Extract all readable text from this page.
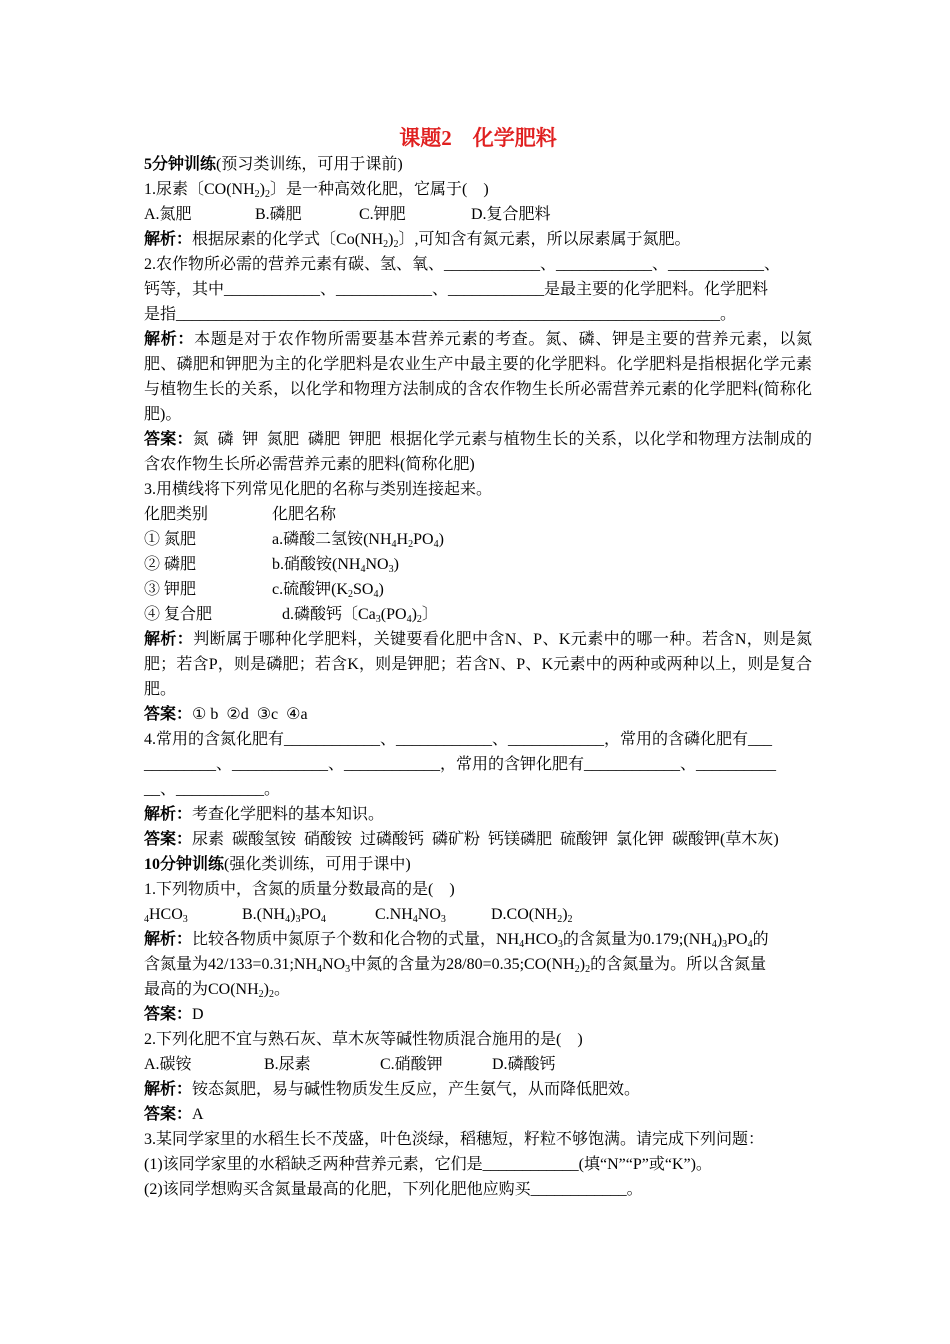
课题2　化学肥料
5分钟训练(预习类训练，可用于课前)
1.尿素〔$CO(NH_2)_2$〕是一种高效化肥，它属于(　)
A.氮肥	B.磷肥	C.钾肥	D.复合肥料
解析：根据尿素的化学式〔$Co(NH_2)_2$〕,可知含有氮元素，所以尿素属于氮肥。
2.农作物所必需的营养元素有碳、氢、氧、____________、____________、____________、
钙等，其中____________、____________、____________是最主要的化学肥料。化学肥料
是指____________________________________________________________________。
解析：本题是对于农作物所需要基本营养元素的考查。氮、磷、钾是主要的营养元素，以氮肥、磷肥和钾肥为主的化学肥料是农业生产中最主要的化学肥料。化学肥料是指根据化学元素与植物生长的关系，以化学和物理方法制成的含农作物生长所必需营养元素的化学肥料(简称化肥)。
答案：氮  磷  钾  氮肥  磷肥  钾肥  根据化学元素与植物生长的关系，以化学和物理方法制成的含农作物生长所必需营养元素的肥料(简称化肥)
3.用横线将下列常见化肥的名称与类别连接起来。
化肥类别	化肥名称
① 氮肥	a.磷酸二氢铵$(NH_4H_2PO_4)$
② 磷肥	b.硝酸铵$(NH_4NO_3)$
③ 钾肥	c.硫酸钾$(K_2SO_4)$
④ 复合肥	d.磷酸钙〔$Ca_3(PO_4)_2$〕
解析：判断属于哪种化学肥料，关键要看化肥中含N、P、K元素中的哪一种。若含N，则是氮肥；若含P，则是磷肥；若含K，则是钾肥；若含N、P、K元素中的两种或两种以上，则是复合肥。
答案：① b  ②d  ③c  ④a
4.常用的含氮化肥有____________、____________、____________，常用的含磷化肥有___
_________、____________、____________，常用的含钾化肥有____________、__________
__、___________。
解析：考查化学肥料的基本知识。
答案：尿素  碳酸氢铵  硝酸铵  过磷酸钙  磷矿粉  钙镁磷肥  硫酸钾  氯化钾  碳酸钾(草木灰)
10分钟训练(强化类训练，可用于课中)
1.下列物质中，含氮的质量分数最高的是(　)
$_4HCO_3$	$B.(NH_4)_3PO_4$	$C.NH_4NO_3$	$D.CO(NH_2)_2$
解析：比较各物质中氮原子个数和化合物的式量，$NH_4HCO_3$的含氮量为$0.179;(NH_4)_3PO_4$的
含氮量为$42/133=0.31;NH_4NO_3$中氮的含量为$28/80=0.35;CO(NH_2)_2$的含氮量为。所以含氮量
最高的为$CO(NH_2)_2$。
答案：D
2.下列化肥不宜与熟石灰、草木灰等碱性物质混合施用的是(　)
A.碳铵	B.尿素	C.硝酸钾	D.磷酸钙
解析：铵态氮肥，易与碱性物质发生反应，产生氨气，从而降低肥效。
答案：A
3.某同学家里的水稻生长不茂盛，叶色淡绿，稻穗短，籽粒不够饱满。请完成下列问题：
(1)该同学家里的水稻缺乏两种营养元素，它们是____________(填“N”“P”或“K”)。
(2)该同学想购买含氮量最高的化肥，下列化肥他应购买____________。
